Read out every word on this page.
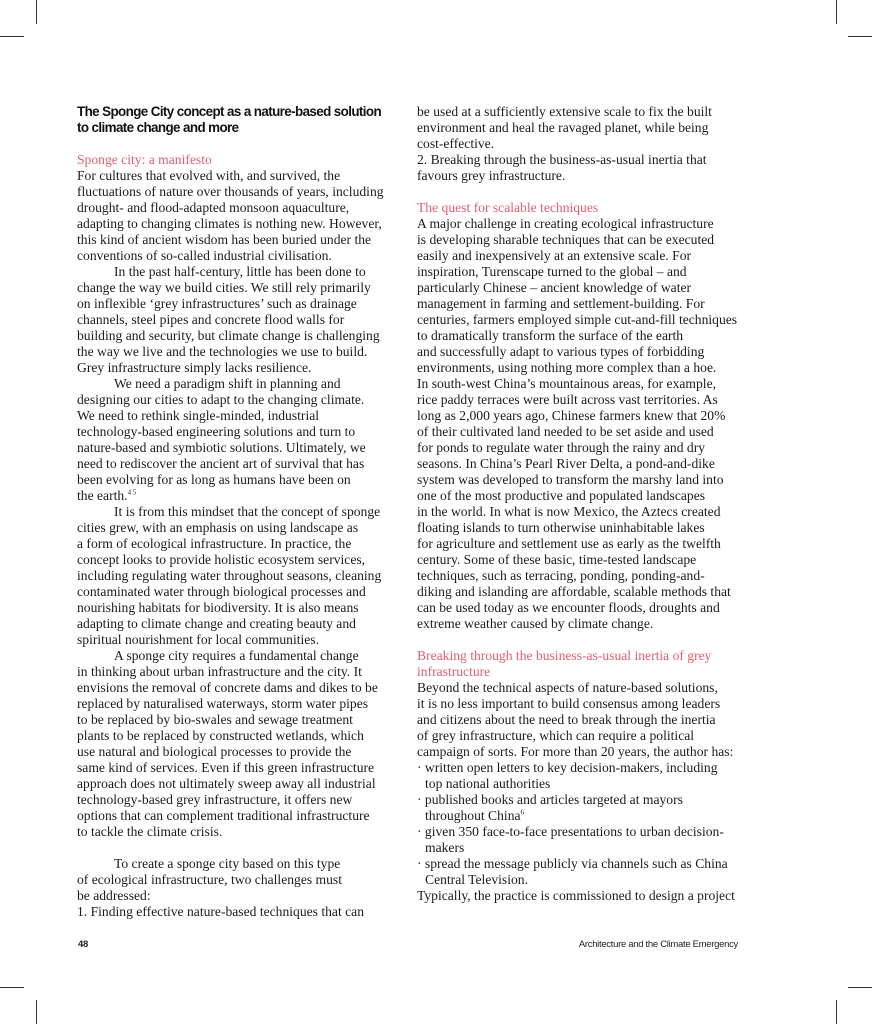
The Sponge City concept as a nature-based solution
to climate change and more
Sponge city: a manifesto
For cultures that evolved with, and survived, the
fluctuations of nature over thousands of years, including
drought- and flood-adapted monsoon aquaculture,
adapting to changing climates is nothing new. However,
this kind of ancient wisdom has been buried under the
conventions of so-called industrial civilisation.
In the past half-century, little has been done to
change the way we build cities. We still rely primarily
on inflexible ‘grey infrastructures’ such as drainage
channels, steel pipes and concrete flood walls for
building and security, but climate change is challenging
the way we live and the technologies we use to build.
Grey infrastructure simply lacks resilience.
We need a paradigm shift in planning and
designing our cities to adapt to the changing climate.
We need to rethink single-minded, industrial
technology-based engineering solutions and turn to
nature-based and symbiotic solutions. Ultimately, we
need to rediscover the ancient art of survival that has
been evolving for as long as humans have been on
the earth.$^{4 5}$
It is from this mindset that the concept of sponge
cities grew, with an emphasis on using landscape as
a form of ecological infrastructure. In practice, the
concept looks to provide holistic ecosystem services,
including regulating water throughout seasons, cleaning
contaminated water through biological processes and
nourishing habitats for biodiversity. It is also means
adapting to climate change and creating beauty and
spiritual nourishment for local communities.
A sponge city requires a fundamental change
in thinking about urban infrastructure and the city. It
envisions the removal of concrete dams and dikes to be
replaced by naturalised waterways, storm water pipes
to be replaced by bio-swales and sewage treatment
plants to be replaced by constructed wetlands, which
use natural and biological processes to provide the
same kind of services. Even if this green infrastructure
approach does not ultimately sweep away all industrial
technology-based grey infrastructure, it offers new
options that can complement traditional infrastructure
to tackle the climate crisis.
To create a sponge city based on this type
of ecological infrastructure, two challenges must
be addressed:
1. Finding effective nature-based techniques that can
be used at a sufficiently extensive scale to fix the built
environment and heal the ravaged planet, while being
cost-effective.
2. Breaking through the business-as-usual inertia that
favours grey infrastructure.
The quest for scalable techniques
A major challenge in creating ecological infrastructure
is developing sharable techniques that can be executed
easily and inexpensively at an extensive scale. For
inspiration, Turenscape turned to the global – and
particularly Chinese – ancient knowledge of water
management in farming and settlement-building. For
centuries, farmers employed simple cut-and-fill techniques
to dramatically transform the surface of the earth
and successfully adapt to various types of forbidding
environments, using nothing more complex than a hoe.
In south-west China’s mountainous areas, for example,
rice paddy terraces were built across vast territories. As
long as 2,000 years ago, Chinese farmers knew that 20%
of their cultivated land needed to be set aside and used
for ponds to regulate water through the rainy and dry
seasons. In China’s Pearl River Delta, a pond-and-dike
system was developed to transform the marshy land into
one of the most productive and populated landscapes
in the world. In what is now Mexico, the Aztecs created
floating islands to turn otherwise uninhabitable lakes
for agriculture and settlement use as early as the twelfth
century. Some of these basic, time-tested landscape
techniques, such as terracing, ponding, ponding-and-
diking and islanding are affordable, scalable methods that
can be used today as we encounter floods, droughts and
extreme weather caused by climate change.
Breaking through the business-as-usual inertia of grey
infrastructure
Beyond the technical aspects of nature-based solutions,
it is no less important to build consensus among leaders
and citizens about the need to break through the inertia
of grey infrastructure, which can require a political
campaign of sorts. For more than 20 years, the author has:
· written open letters to key decision-makers, including
top national authorities
· published books and articles targeted at mayors
throughout China$^6$
· given 350 face-to-face presentations to urban decision-
makers
· spread the message publicly via channels such as China
Central Television.
Typically, the practice is commissioned to design a project
48	Architecture and the Climate Emergency
